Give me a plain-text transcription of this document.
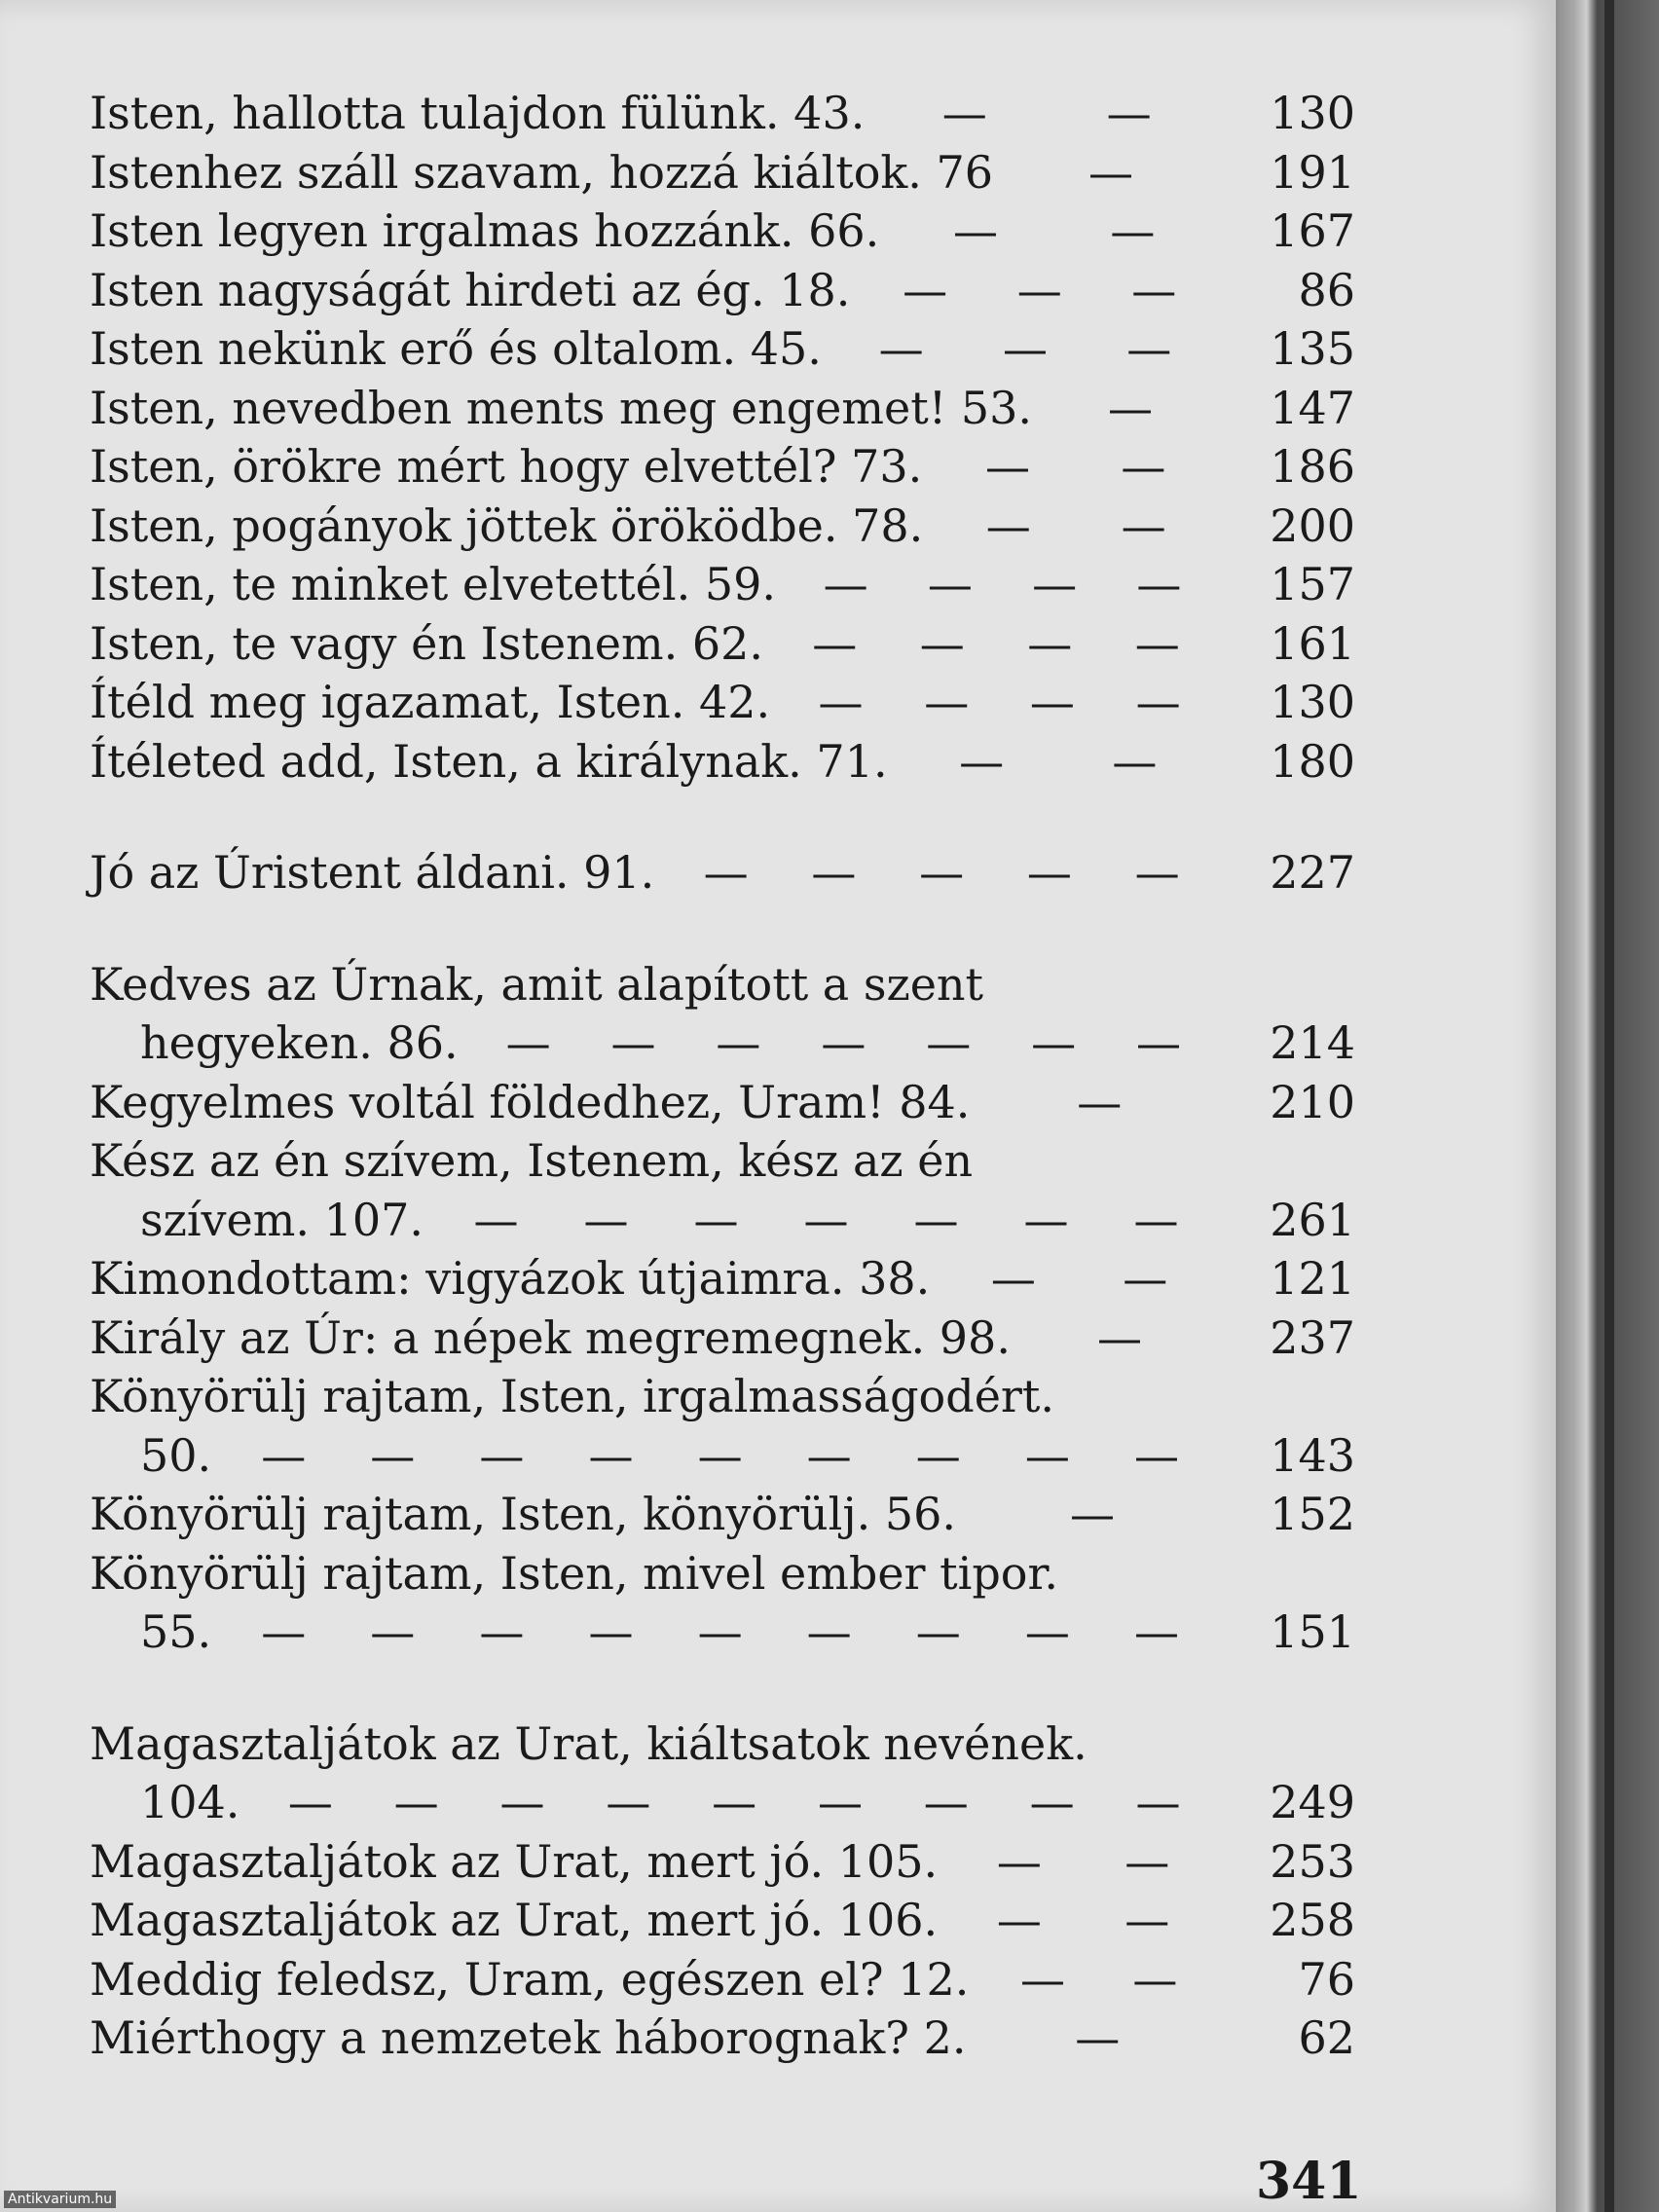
Isten, hallotta tulajdon fülünk. 43. —	—	130
Istenhez száll szavam, hozzá kiáltok. 76 —	191
Isten legyen irgalmas hozzánk. 66. —	—	167
Isten nagyságát hirdeti az ég. 18. — — —	86
Isten nekünk erő és oltalom. 45. — — —	135
Isten, nevedben ments meg engemet! 53. —	147
Isten, örökre mért hogy elvettél? 73. — —	186
Isten, pogányok jöttek öröködbe. 78. — —	200
Isten, te minket elvetettél. 59. — — — —	157
Isten, te vagy én Istenem. 62. — — — —	161
Ítéld meg igazamat, Isten. 42. — — — —	130
Ítéleted add, Isten, a királynak. 71. — —	180
Jó az Úristent áldani. 91. — — — — —	227
Kedves az Úrnak, amit alapított a szent
hegyeken. 86. — — — — — — —	214
Kegyelmes voltál földedhez, Uram! 84. —	210
Kész az én szívem, Istenem, kész az én
szívem. 107. — — — — — — —	261
Kimondottam: vigyázok útjaimra. 38. — —	121
Király az Úr: a népek megremegnek. 98. —	237
Könyörülj rajtam, Isten, irgalmasságodért.
50. — — — — — — — — —	143
Könyörülj rajtam, Isten, könyörülj. 56.	—	152
Könyörülj rajtam, Isten, mivel ember tipor.
55. — — — — — — — — —	151
Magasztaljátok az Urat, kiáltsatok nevének.
104. — — — — — — — — —	249
Magasztaljátok az Urat, mert jó. 105. — —	253
Magasztaljátok az Urat, mert jó. 106. — —	258
Meddig feledsz, Uram, egészen el? 12. — —	76
Miérthogy a nemzetek háborognak? 2. —	62
341
Antikvarium.hu
